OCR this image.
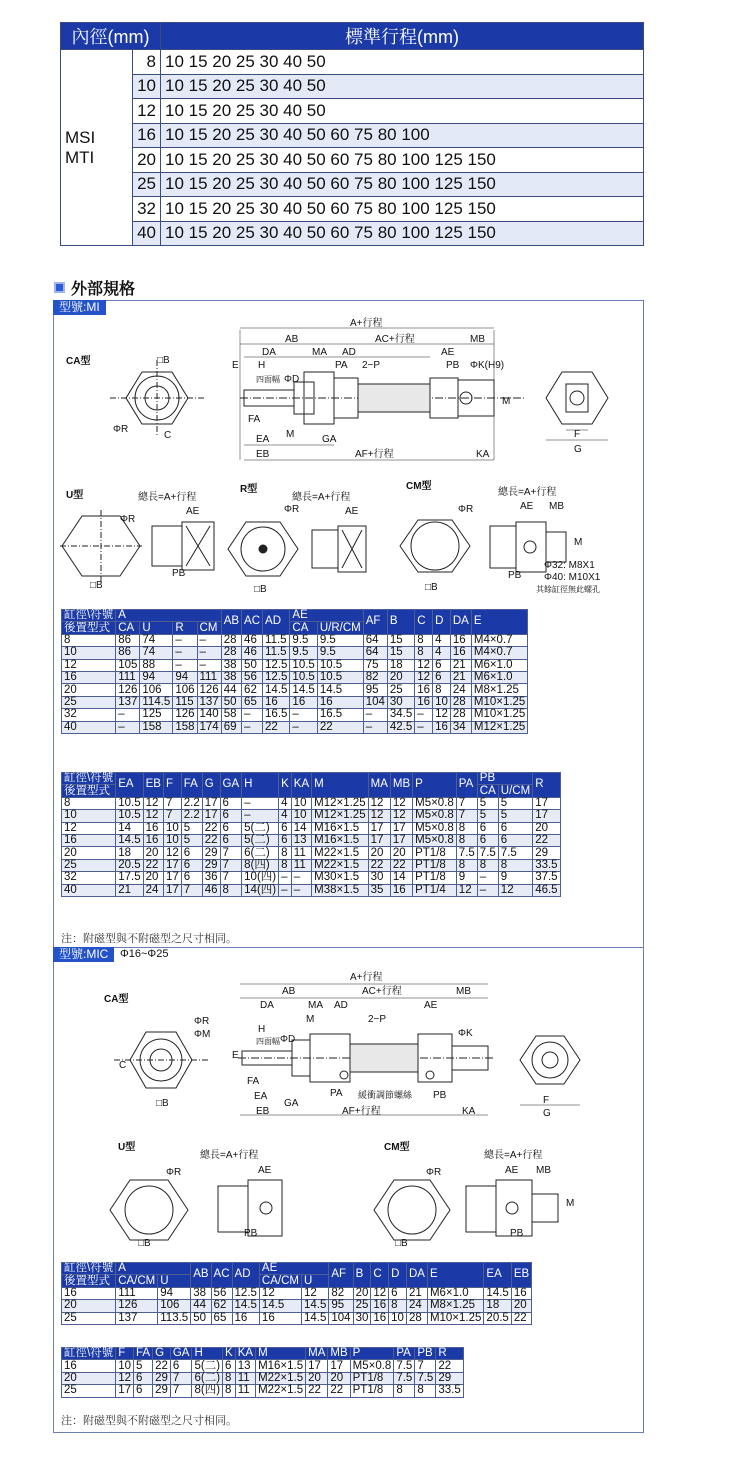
內徑(mm)		標準行程(mm)

MSI
MTI	8	10 15 20 25 30 40 50
	10	10 15 20 25 30 40 50
	12	10 15 20 25 30 40 50
	16	10 15 20 25 30 40 50 60 75 80 100
	20	10 15 20 25 30 40 50 60 75 80 100 125 150
	25	10 15 20 25 30 40 50 60 75 80 100 125 150
	32	10 15 20 25 30 40 50 60 75 80 100 125 150
	40	10 15 20 25 30 40 50 60 75 80 100 125 150
外部規格
型號:MI
CA型	□B
ΦR
C	F
G
A+行程
AB	AC+行程	MB
DA	MA AD	AE
PA 2−P	PB ΦK(H9)
E H
四面幅 ΦD
M
FA
M
EA	GA
EB	AF+行程	KA
U型
R型	CM型
總長=A+行程	總長=A+行程	總長=A+行程
ΦR
ΦR	ΦR
AE	AE	AE MB
PB	PB
□B	□B	□B
M
Φ32: M8X1
Φ40: M10X1
其餘缸徑無此螺孔
缸徑\符號	A				AB	AC	AD	AE		AF	B	C	D	DA	E
後置型式	CA	U	R	CM				CA	U/R/CM						
8	86	74	–	–	28	46	11.5	9.5	9.5	64	15	8	4	16	M4×0.7
10	86	74	–	–	28	46	11.5	9.5	9.5	64	15	8	4	16	M4×0.7
12	105	88	–	–	38	50	12.5	10.5	10.5	75	18	12	6	21	M6×1.0
16	111	94	94	111	38	56	12.5	10.5	10.5	82	20	12	6	21	M6×1.0
20	126	106	106	126	44	62	14.5	14.5	14.5	95	25	16	8	24	M8×1.25
25	137	114.5	115	137	50	65	16	16	16	104	30	16	10	28	M10×1.25
32	–	125	126	140	58	–	16.5	–	16.5	–	34.5	–	12	28	M10×1.25
40	–	158	158	174	69	–	22	–	22	–	42.5	–	16	34	M12×1.25
缸徑\符號	EA	EB	F	FA	G	GA	H	K	KA	M	MA	MB	P	PA	PB		R
後置型式															CA	U/CM	
8	10.5	12	7	2.2	17	6	–	4	10	M12×1.25	12	12	M5×0.8	7	5	5	17
10	10.5	12	7	2.2	17	6	–	4	10	M12×1.25	12	12	M5×0.8	7	5	5	17
12	14	16	10	5	22	6	5(二)	6	14	M16×1.5	17	17	M5×0.8	8	6	6	20
16	14.5	16	10	5	22	6	5(二)	6	13	M16×1.5	17	17	M5×0.8	8	6	6	22
20	18	20	12	6	29	7	6(二)	8	11	M22×1.5	20	20	PT1/8	7.5	7.5	7.5	29
25	20.5	22	17	6	29	7	8(四)	8	11	M22×1.5	22	22	PT1/8	8	8	8	33.5
32	17.5	20	17	6	36	7	10(四)	–	–	M30×1.5	30	14	PT1/8	9	–	9	37.5
40	21	24	17	7	46	8	14(四)	–	–	M38×1.5	35	16	PT1/4	12	–	12	46.5
注：附磁型與不附磁型之尺寸相同。
型號:MIC	Φ16~Φ25
CA型
ΦR
ΦM
C
□B
A+行程
AB	AC+行程	MB
DA	MA AD
M	2−P
AE
H
四面幅 ΦD
ΦK
E
FA
EA
GA
PA 緩衝調節螺絲 PB
EB	AF+行程	KA
F
G
U型	CM型
總長=A+行程	總長=A+行程
ΦR	ΦR
AE	AE MB
PB	PB
M
□B	□B
缸徑\符號	A		AB	AC	AD	AE		AF	B	C	D	DA	E	EA	EB
後置型式	CA/CM	U				CA/CM	U								
16	111	94	38	56	12.5	12	12	82	20	12	6	21	M6×1.0	14.5	16
20	126	106	44	62	14.5	14.5	14.5	95	25	16	8	24	M8×1.25	18	20
25	137	113.5	50	65	16	16	14.5	104	30	16	10	28	M10×1.25	20.5	22
缸徑\符號	F	FA	G	GA	H	K	KA	M	MA	MB	P	PA	PB	R
16	10	5	22	6	5(二)	6	13	M16×1.5	17	17	M5×0.8	7.5	7	22
20	12	6	29	7	6(二)	8	11	M22×1.5	20	20	PT1/8	7.5	7.5	29
25	17	6	29	7	8(四)	8	11	M22×1.5	22	22	PT1/8	8	8	33.5
注：附磁型與不附磁型之尺寸相同。
